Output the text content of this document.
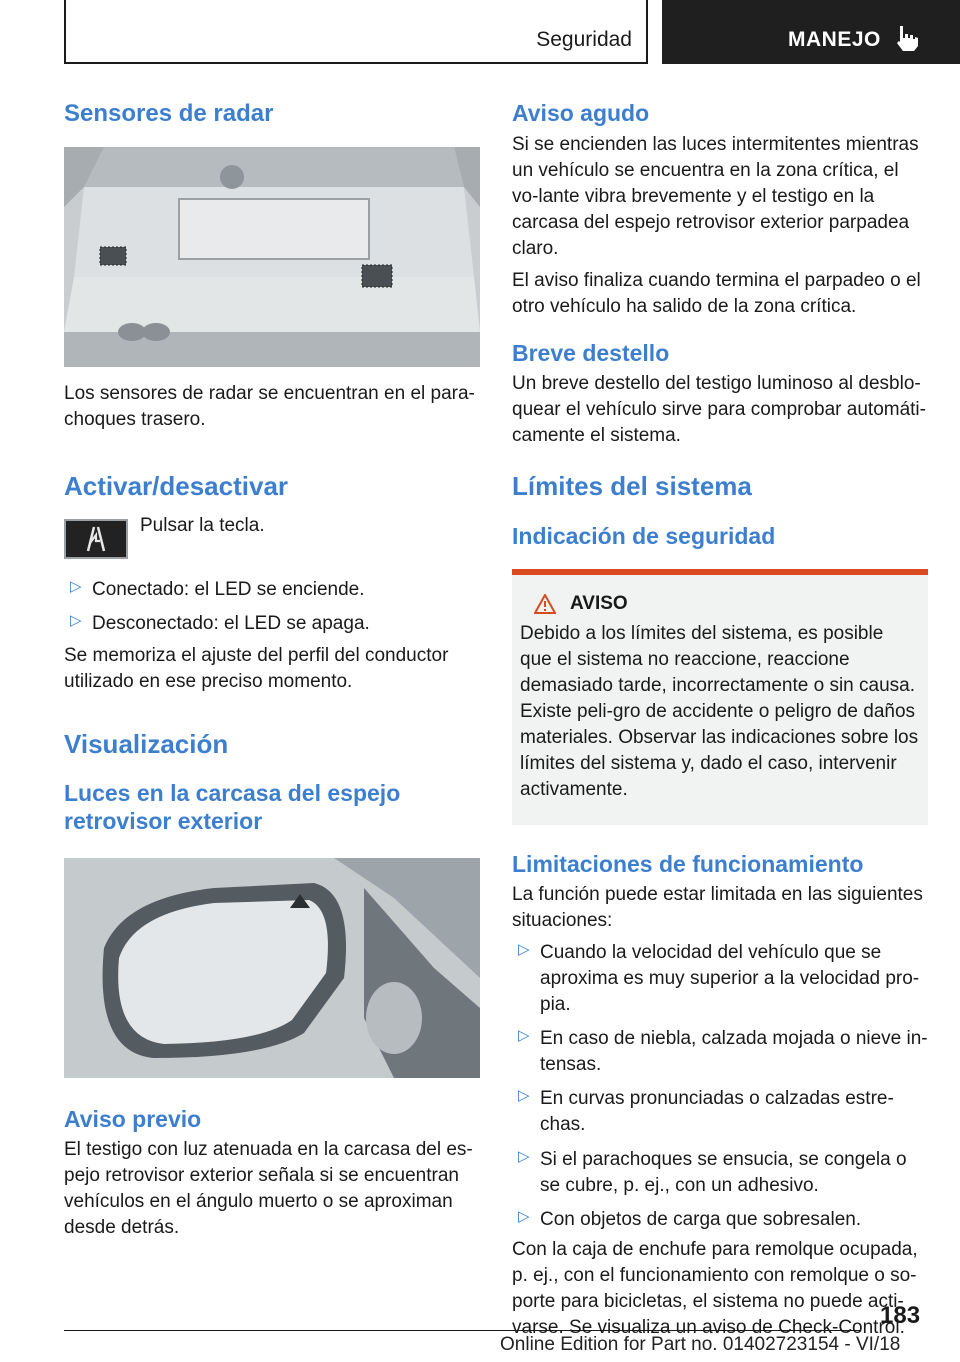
Seguridad	MANEJO
Sensores de radar

Los sensores de radar se encuentran en el para‐choques trasero.

Activar/desactivar

Pulsar la tecla.

▷ Conectado: el LED se enciende.
▷ Desconectado: el LED se apaga.

Se memoriza el ajuste del perfil del conductor utilizado en ese preciso momento.

Visualización
Luces en la carcasa del espejo retrovisor exterior
Aviso previo

El testigo con luz atenuada en la carcasa del es‐pejo retrovisor exterior señala si se encuentran vehículos en el ángulo muerto o se aproximan desde detrás.

Aviso agudo

Si se encienden las luces intermitentes mientras un vehículo se encuentra en la zona crítica, el vo‐lante vibra brevemente y el testigo en la carcasa del espejo retrovisor exterior parpadea claro.

El aviso finaliza cuando termina el parpadeo o el otro vehículo ha salido de la zona crítica.

Breve destello

Un breve destello del testigo luminoso al desblo‐quear el vehículo sirve para comprobar automáti‐camente el sistema.

Límites del sistema
Indicación de seguridad
AVISO

Debido a los límites del sistema, es posible que el sistema no reaccione, reaccione demasiado tarde, incorrectamente o sin causa. Existe peli‐gro de accidente o peligro de daños materiales. Observar las indicaciones sobre los límites del sistema y, dado el caso, intervenir activamente.

Limitaciones de funcionamiento

La función puede estar limitada en las siguientes situaciones:

▷ Cuando la velocidad del vehículo que se aproxima es muy superior a la velocidad pro‐pia.
▷ En caso de niebla, calzada mojada o nieve in‐tensas.
▷ En curvas pronunciadas o calzadas estre‐chas.
▷ Si el parachoques se ensucia, se congela o se cubre, p. ej., con un adhesivo.
▷ Con objetos de carga que sobresalen.

Con la caja de enchufe para remolque ocupada, p. ej., con el funcionamiento con remolque o so‐porte para bicicletas, el sistema no puede acti‐varse. Se visualiza un aviso de Check-Control.

183
Online Edition for Part no. 01402723154 - VI/18
